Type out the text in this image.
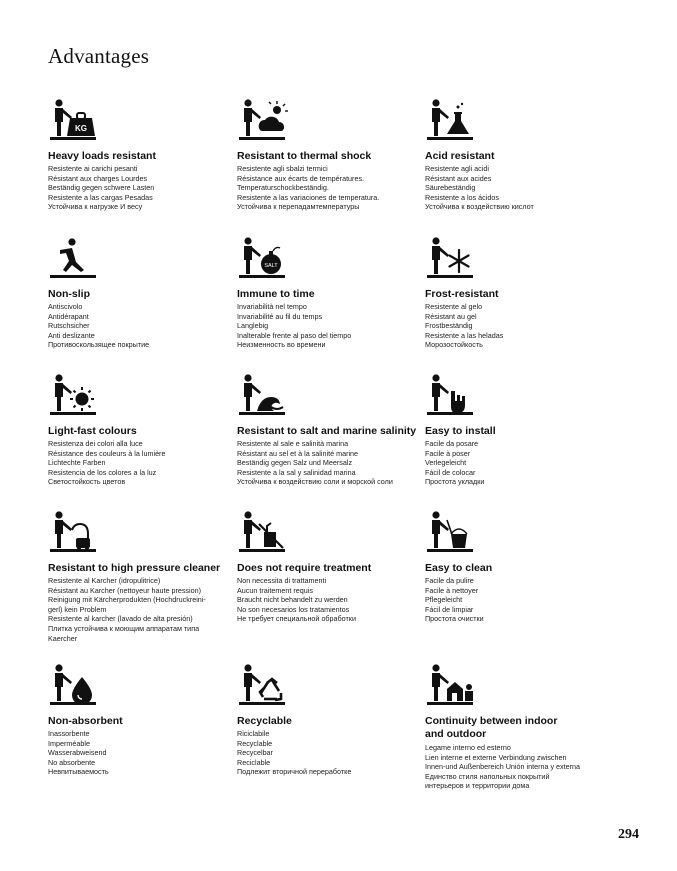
Advantages
KG
Heavy loads resistant
Resistente ai carichi pesanti
Résistant aux charges Lourdes
Beständig gegen schwere Lasten
Resistente a las cargas Pesadas
Устойчива к нагрузке И весу
Resistant to thermal shock
Resistente agli sbalzi termici
Résistance aux écarts de températures.
Temperaturschockbeständig.
Resistente a las variaciones de temperatura.
Устойчива к перепадамтемпературы
Acid resistant
Resistente agli acidi
Résistant aux acides
Säurebeständig
Resistente a los ácidos
Устойчива к воздействию кислот
Non-slip
Antiscivolo
Antidérapant
Rutschsicher
Anti deslizante
Противоскользящее покрытие
SALT
Immune to time
Invariabilità nel tempo
Invariabilité au fil du temps
Langlebig
Inalterable frente al paso del tiempo
Неизменность во времени
Frost-resistant
Resistente al gelo
Résistant au gel
Frostbeständig
Resistente a las heladas
Морозостойкость
Light-fast colours
Resistenza dei colori alla luce
Résistance des couleurs à la lumière
Lichtechte Farben
Resistencia de los colores a la luz
Светостойкость цветов
Resistant to salt and marine salinity
Resistente al sale e salinità marina
Résistant au sel et à la salinité marine
Beständig gegen Salz und Meersalz
Resistente a la sal y salinidad marina
Устойчива к воздействию соли и морской соли
Easy to install
Facile da posare
Facile à poser
Verlegeleicht
Fácil de colocar
Простота укладки
Resistant to high pressure cleaner
Resistente al Karcher (idropulitrice)
Résistant au Karcher (nettoyeur haute pression)
Reinigung mit Kärcherprodukten (Hochdruckreini-
gerl) kein Problem
Resistente al karcher (lavado de alta presión)
Плитка устойчива к моющим аппаратам типа
Kaercher
Does not require treatment
Non necessita di trattamenti
Aucun traitement requis
Braucht nicht behandelt zu werden
No son necesarios los tratamientos
Не требует специальной обработки
Easy to clean
Facile da pulire
Facile à nettoyer
Pflegeleicht
Fácil de limpiar
Простота очистки
Non-absorbent
Inassorbente
Imperméable
Wasserabweisend
No absorbente
Невпитываемость
Recyclable
Riciclabile
Recyclable
Recycelbar
Reciclable
Подлежит вторичной переработке
Continuity between indoor
and outdoor
Legame interno ed esterno
Lien interne et externe Verbindung zwischen
Innen-und Außenbereich Unión interna y externa
Единство стиля напольных покрытий
интерьеров и территории дома
294
